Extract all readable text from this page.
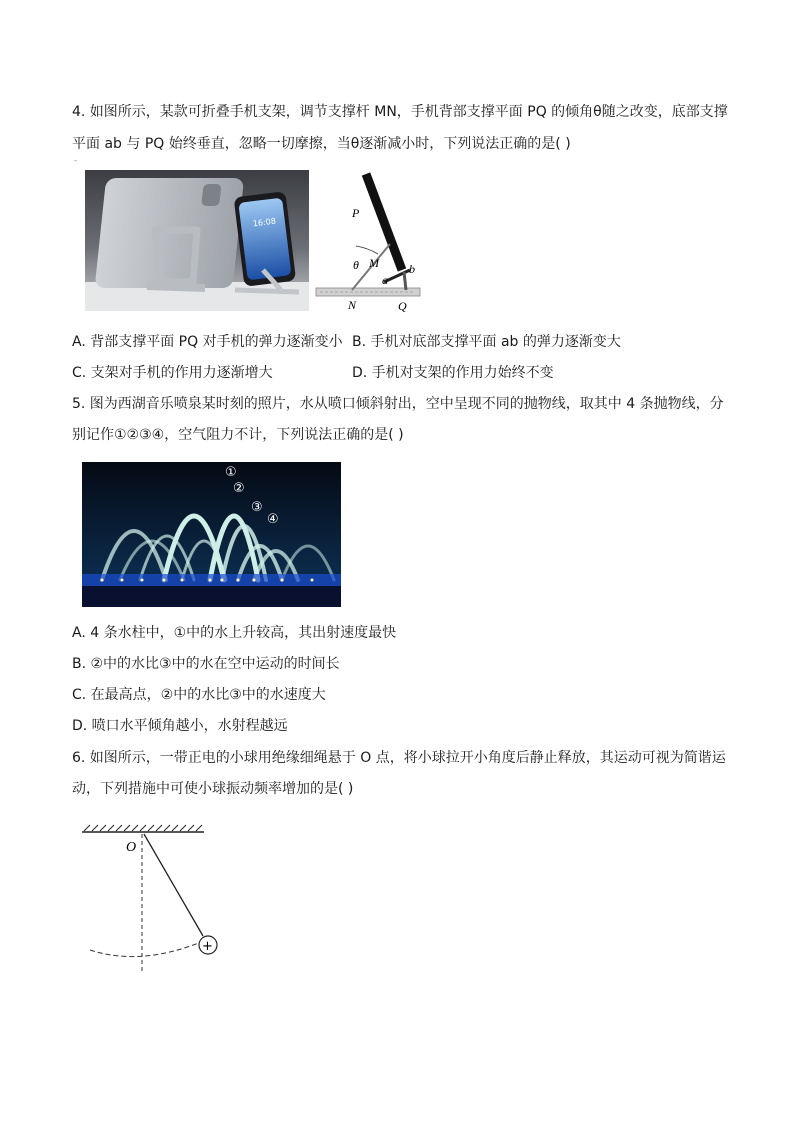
4. 如图所示，某款可折叠手机支架，调节支撑杆 MN，手机背部支撑平面 PQ 的倾角θ随之改变，底部支撑
平面 ab 与 PQ 始终垂直，忽略一切摩擦，当θ逐渐减小时，下列说法正确的是( )
-
16:08
P
θ M
a
b
N	Q
A. 背部支撑平面 PQ 对手机的弹力逐渐变小 B. 手机对底部支撑平面 ab 的弹力逐渐变大
C. 支架对手机的作用力逐渐增大	D. 手机对支架的作用力始终不变
5. 图为西湖音乐喷泉某时刻的照片，水从喷口倾斜射出，空中呈现不同的抛物线，取其中 4 条抛物线，分
别记作①②③④，空气阻力不计，下列说法正确的是( )
①
②
③
④
A. 4 条水柱中，①中的水上升较高，其出射速度最快
B. ②中的水比③中的水在空中运动的时间长
C. 在最高点，②中的水比③中的水速度大
D. 喷口水平倾角越小，水射程越远
6. 如图所示，一带正电的小球用绝缘细绳悬于 O 点，将小球拉开小角度后静止释放，其运动可视为简谐运
动，下列措施中可使小球振动频率增加的是( )
+
O
